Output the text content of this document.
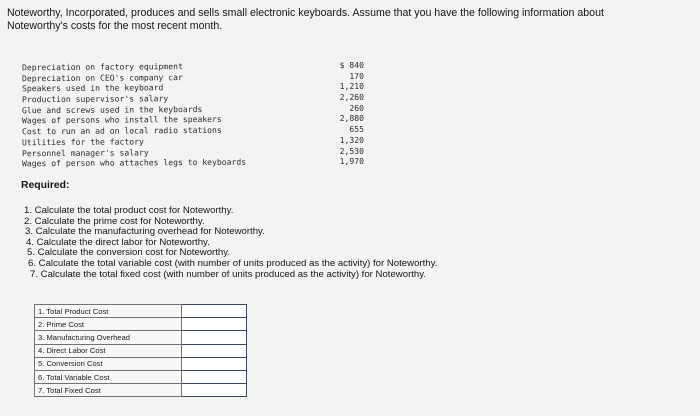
Noteworthy, Incorporated, produces and sells small electronic keyboards. Assume that you have the following information about
Noteworthy's costs for the most recent month.
Depreciation on factory equipment	$ 840
Depreciation on CEO's company car	170
Speakers used in the keyboard	1,210
Production supervisor's salary	2,260
Glue and screws used in the keyboards	260
Wages of persons who install the speakers	2,880
Cost to run an ad on local radio stations	655
Utilities for the factory	1,320
Personnel manager's salary	2,530
Wages of person who attaches legs to keyboards	1,970
Required:
1. Calculate the total product cost for Noteworthy.
2. Calculate the prime cost for Noteworthy.
3. Calculate the manufacturing overhead for Noteworthy.
4. Calculate the direct labor for Noteworthy.
5. Calculate the conversion cost for Noteworthy.
6. Calculate the total variable cost (with number of units produced as the activity) for Noteworthy.
7. Calculate the total fixed cost (with number of units produced as the activity) for Noteworthy.
1. Total Product Cost	
2. Prime Cost	
3. Manufacturing Overhead	
4. Direct Labor Cost	
5. Conversion Cost	
6. Total Variable Cost	
7. Total Fixed Cost	
